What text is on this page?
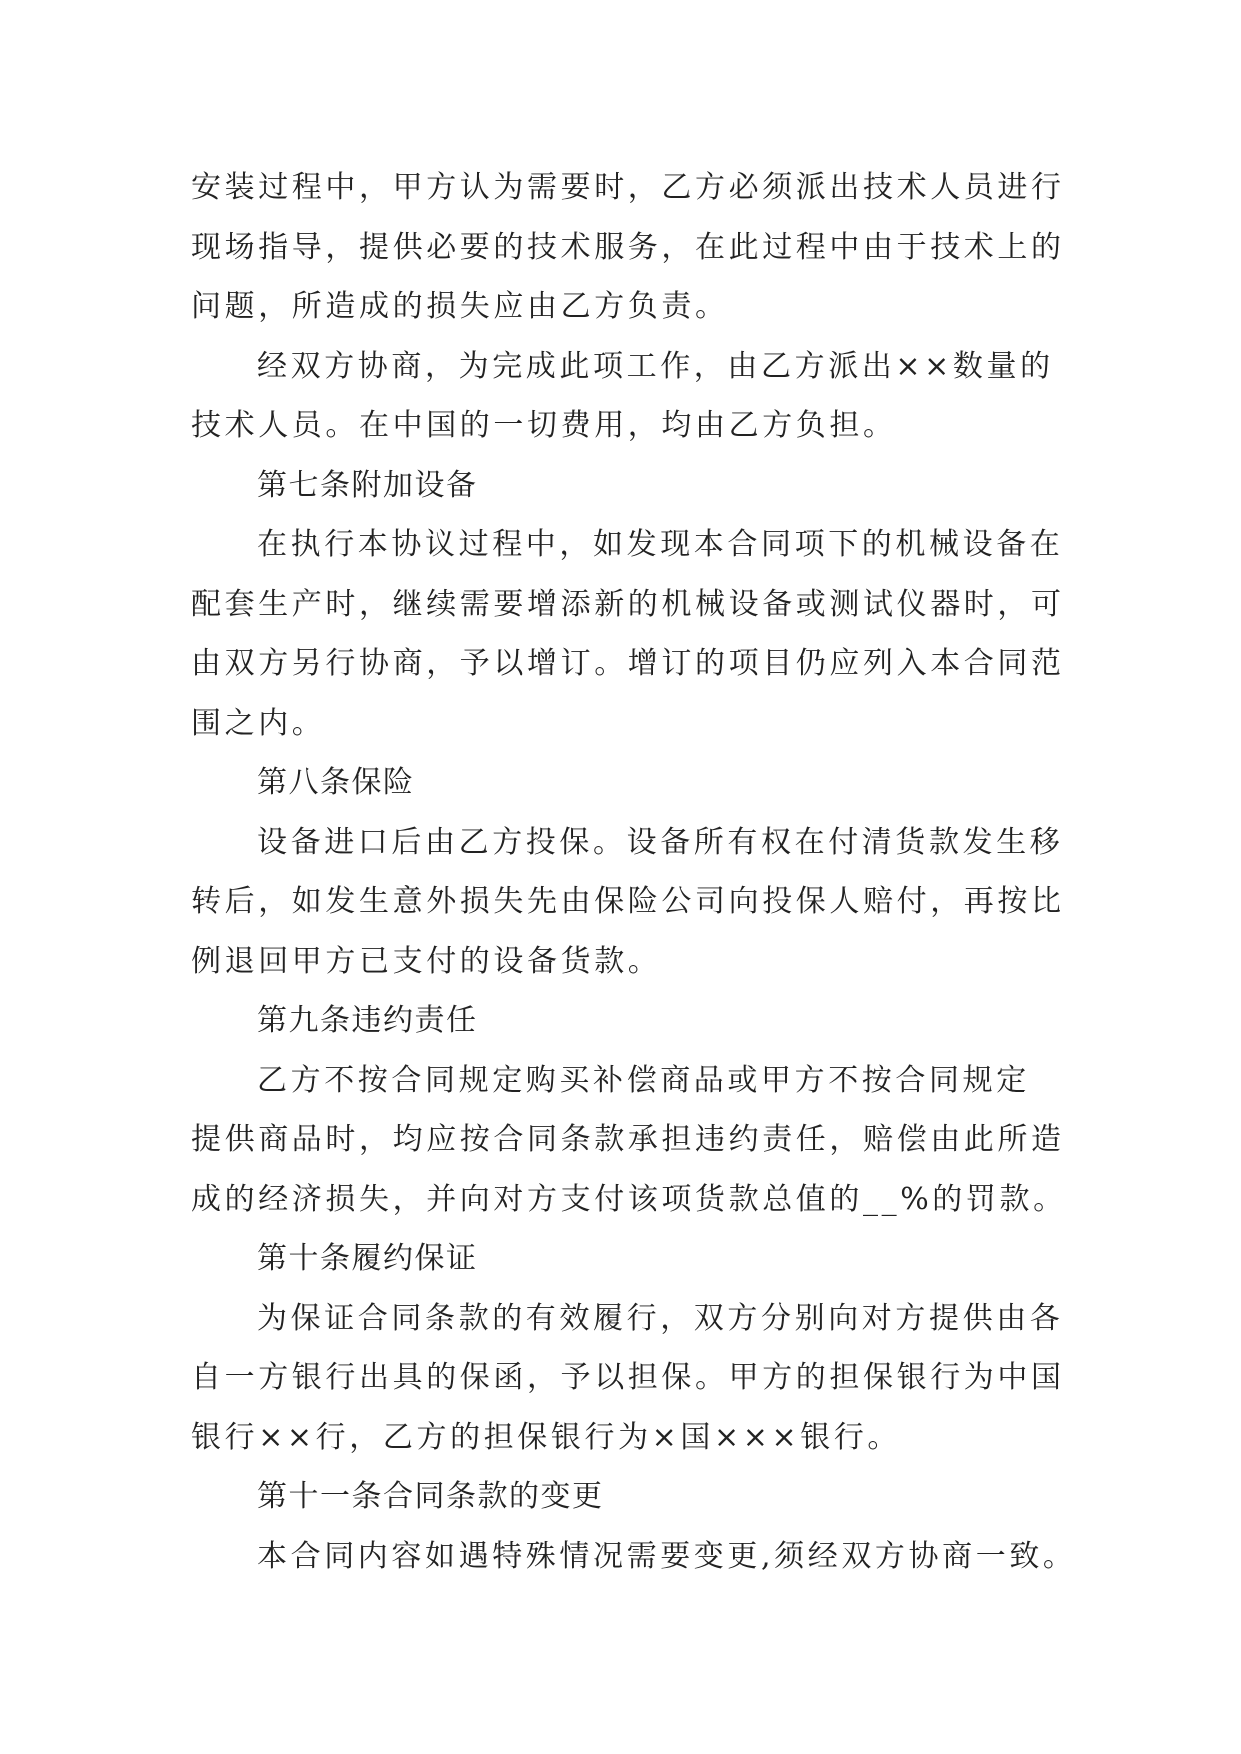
安装过程中，甲方认为需要时，乙方必须派出技术人员进行
现场指导，提供必要的技术服务，在此过程中由于技术上的
问题，所造成的损失应由乙方负责。
经双方协商，为完成此项工作，由乙方派出××数量的
技术人员。在中国的一切费用，均由乙方负担。
第七条附加设备
在执行本协议过程中，如发现本合同项下的机械设备在
配套生产时，继续需要增添新的机械设备或测试仪器时，可
由双方另行协商，予以增订。增订的项目仍应列入本合同范
围之内。
第八条保险
设备进口后由乙方投保。设备所有权在付清货款发生移
转后，如发生意外损失先由保险公司向投保人赔付，再按比
例退回甲方已支付的设备货款。
第九条违约责任
乙方不按合同规定购买补偿商品或甲方不按合同规定
提供商品时，均应按合同条款承担违约责任，赔偿由此所造
成的经济损失，并向对方支付该项货款总值的__%的罚款。
第十条履约保证
为保证合同条款的有效履行，双方分别向对方提供由各
自一方银行出具的保函，予以担保。甲方的担保银行为中国
银行××行，乙方的担保银行为×国×××银行。
第十一条合同条款的变更
本合同内容如遇特殊情况需要变更,须经双方协商一致。
